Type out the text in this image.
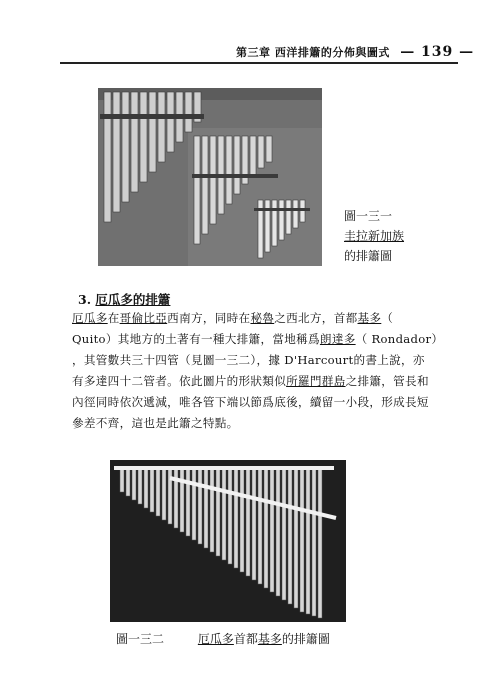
第三章 西洋排簫的分佈與圖式 — 139 —
圖一三一
圭拉新加族
的排簫圖
3. 厄瓜多的排簫
厄瓜多在哥倫比亞西南方，同時在秘魯之西北方，首都基多（
Quito）其地方的土著有一種大排簫，當地稱爲朗達多（ Rondador）
，其管數共三十四管（見圖一三二），據 D'Harcourt的書上說，亦
有多達四十二管者。依此圖片的形狀類似所羅門群島之排簫，管長和
內徑同時依次遞減，唯各管下端以節爲底後，續留一小段，形成長短
參差不齊，這也是此簫之特點。
圖一三二	厄瓜多首都基多的排簫圖
